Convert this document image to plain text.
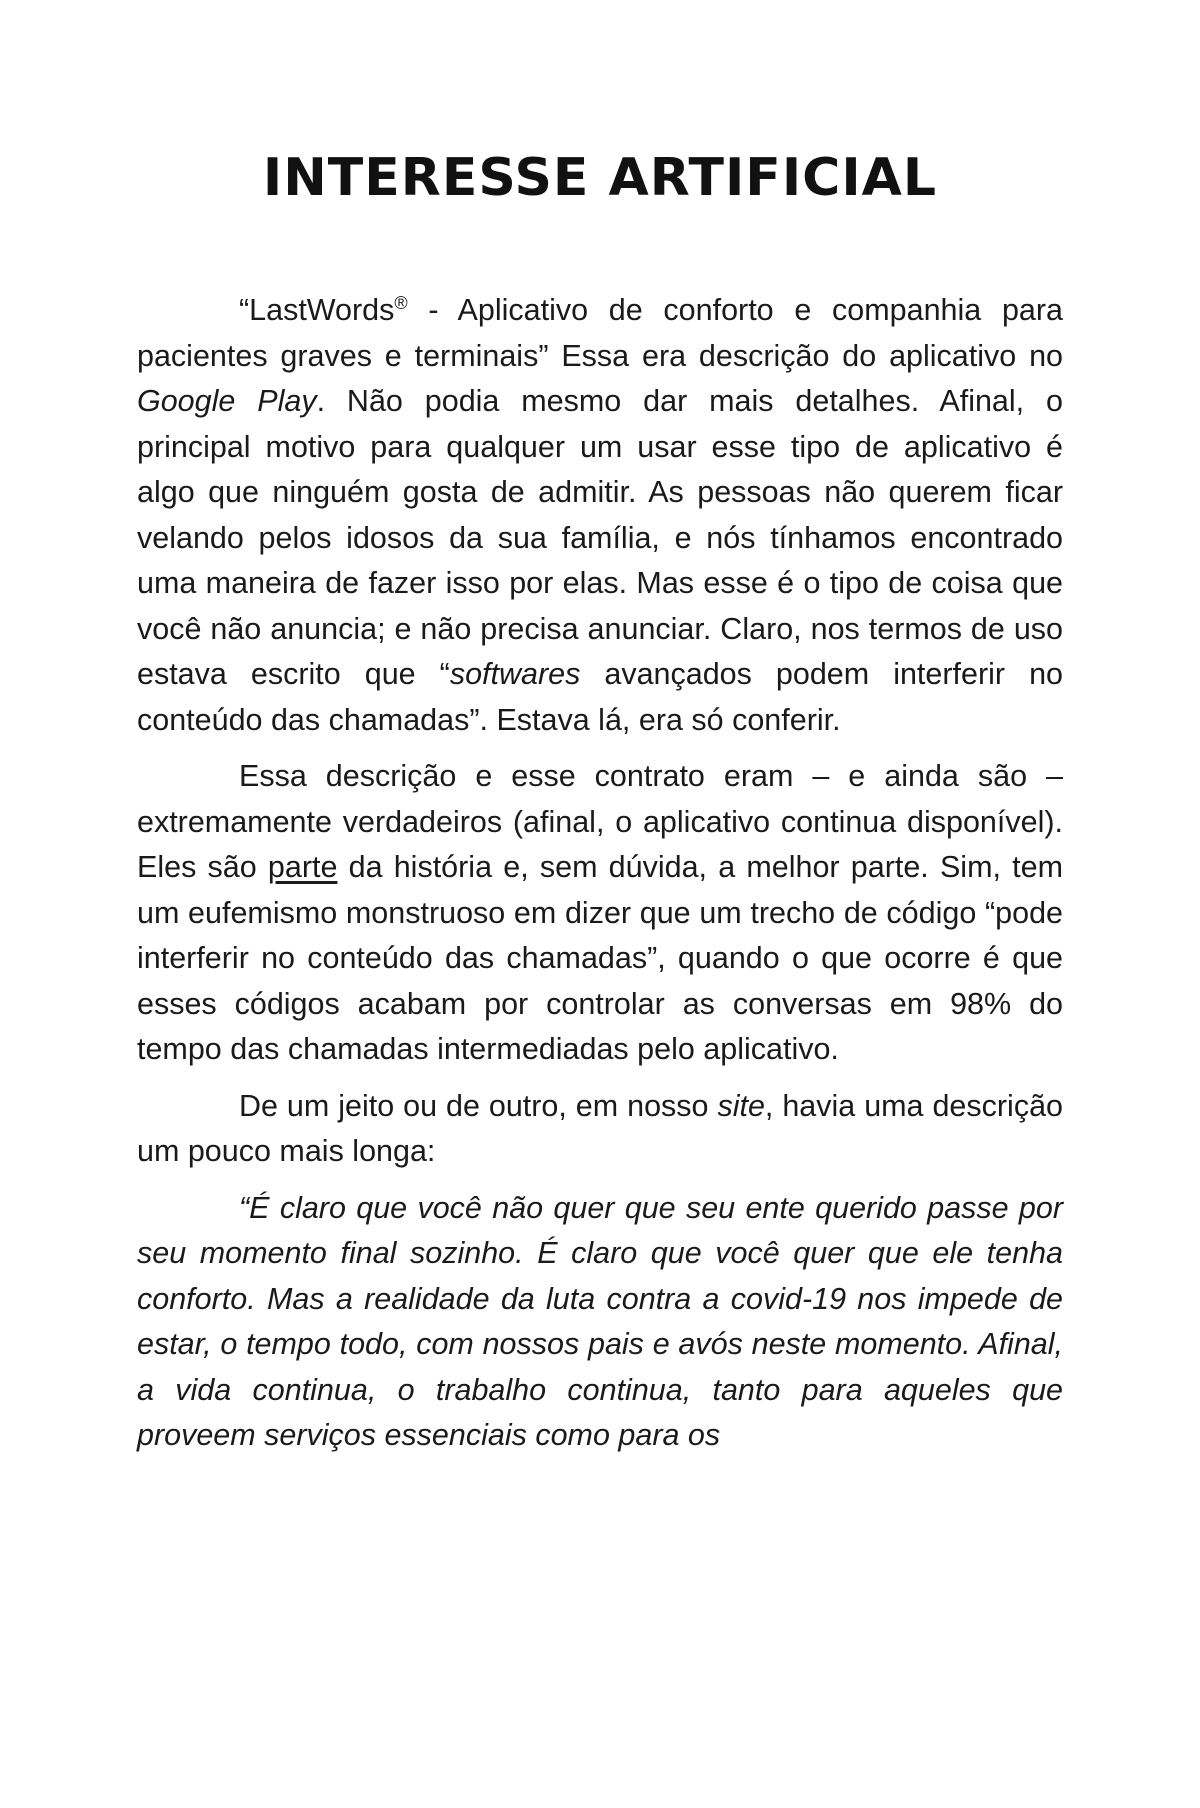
INTERESSE ARTIFICIAL

“LastWords® - Aplicativo de conforto e companhia para pacientes graves e terminais” Essa era descrição do aplicativo no Google Play. Não podia mesmo dar mais detalhes. Afinal, o principal motivo para qualquer um usar esse tipo de aplicativo é algo que ninguém gosta de admitir. As pessoas não querem ficar velando pelos idosos da sua família, e nós tínhamos encontrado uma maneira de fazer isso por elas. Mas esse é o tipo de coisa que você não anuncia; e não precisa anunciar. Claro, nos termos de uso estava escrito que “softwares avançados podem interferir no conteúdo das chamadas”. Estava lá, era só conferir.

Essa descrição e esse contrato eram – e ainda são – extremamente verdadeiros (afinal, o aplicativo continua disponível). Eles são parte da história e, sem dúvida, a melhor parte. Sim, tem um eufemismo monstruoso em dizer que um trecho de código “pode interferir no conteúdo das chamadas”, quando o que ocorre é que esses códigos acabam por controlar as conversas em 98% do tempo das chamadas intermediadas pelo aplicativo.

De um jeito ou de outro, em nosso site, havia uma descrição um pouco mais longa:

“É claro que você não quer que seu ente querido passe por seu momento final sozinho. É claro que você quer que ele tenha conforto. Mas a realidade da luta contra a covid-19 nos impede de estar, o tempo todo, com nossos pais e avós neste momento. Afinal, a vida continua, o trabalho continua, tanto para aqueles que proveem serviços essenciais como para os
